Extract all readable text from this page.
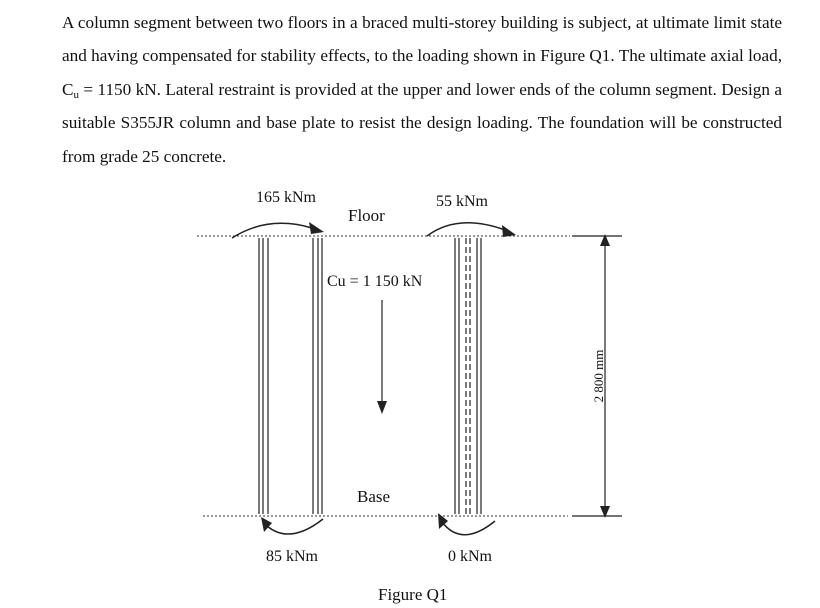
A column segment between two floors in a braced multi-storey building is subject, at ultimate limit state and having compensated for stability effects, to the loading shown in Figure Q1. The ultimate axial load, $C_u = 1150$ kN. Lateral restraint is provided at the upper and lower ends of the column segment. Design a suitable S355JR column and base plate to resist the design loading. The foundation will be constructed from grade 25 concrete.

165 kNm	55 kNm
Floor
Cu = 1 150 kN
Base
85 kNm	0 kNm
2 800 mm
Figure Q1
